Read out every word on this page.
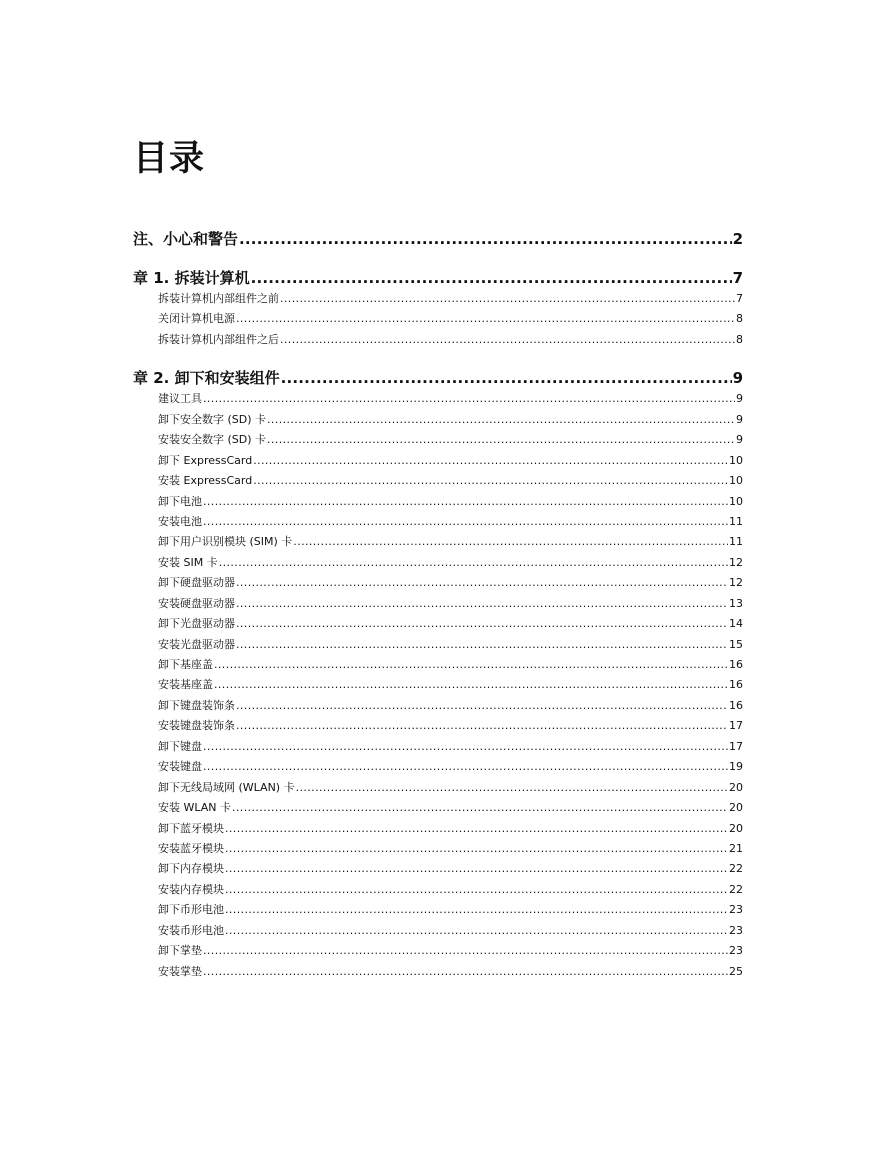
目录
注、小心和警告 .....	2
章 1. 拆装计算机 .....	7
拆装计算机内部组件之前 .....	7
关闭计算机电源 .....	8
拆装计算机内部组件之后 .....	8
章 2. 卸下和安装组件 .....	9
建议工具 .....	9
卸下安全数字 (SD) 卡 .....	9
安装安全数字 (SD) 卡 .....	9
卸下 ExpressCard .....	10
安装 ExpressCard .....	10
卸下电池 .....	10
安装电池 .....	11
卸下用户识别模块 (SIM) 卡 .....	11
安装 SIM 卡 .....	12
卸下硬盘驱动器 .....	12
安装硬盘驱动器 .....	13
卸下光盘驱动器 .....	14
安装光盘驱动器 .....	15
卸下基座盖 .....	16
安装基座盖 .....	16
卸下键盘装饰条 .....	16
安装键盘装饰条 .....	17
卸下键盘 .....	17
安装键盘 .....	19
卸下无线局域网 (WLAN) 卡 .....	20
安装 WLAN 卡 .....	20
卸下蓝牙模块 .....	20
安装蓝牙模块 .....	21
卸下内存模块 .....	22
安装内存模块 .....	22
卸下币形电池 .....	23
安装币形电池 .....	23
卸下掌垫 .....	23
安装掌垫 .....	25
